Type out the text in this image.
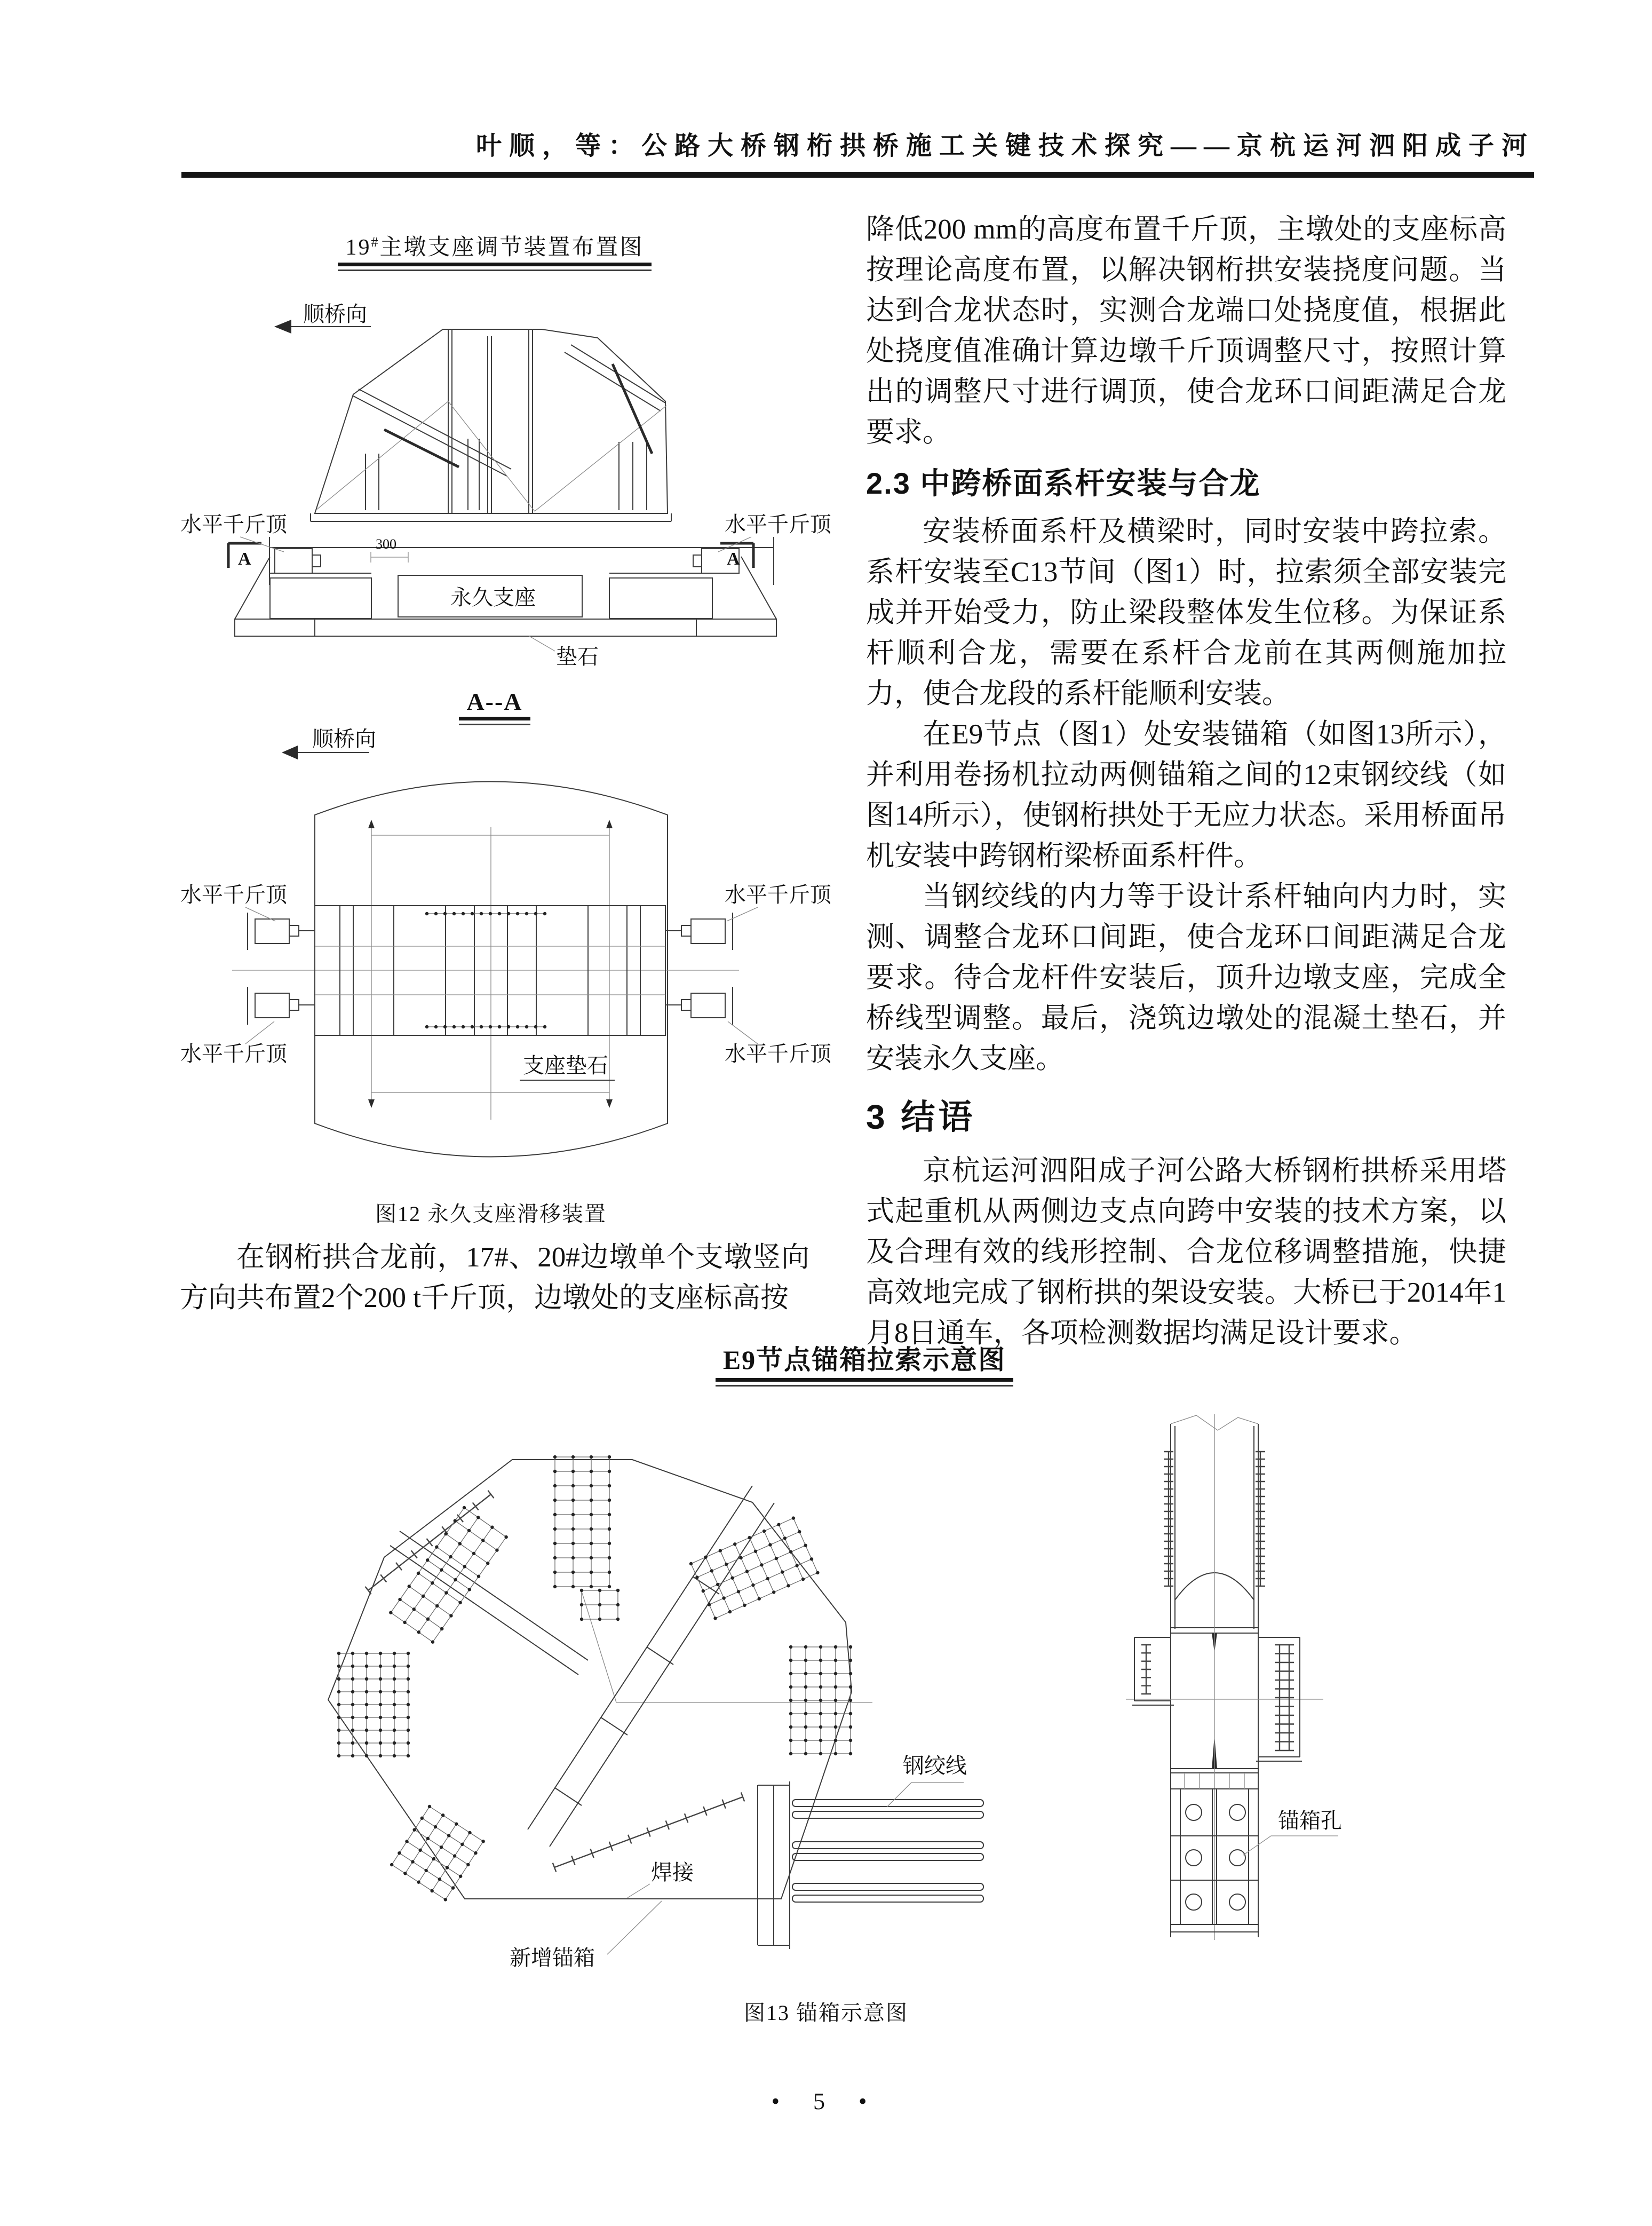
叶顺，等：公路大桥钢桁拱桥施工关键技术探究——京杭运河泗阳成子河
19#主墩支座调节装置布置图
顺桥向
A	A
300
水平千斤顶	水平千斤顶
永久支座
垫石
A--A
顺桥向
水平千斤顶	水平千斤顶
水平千斤顶	水平千斤顶
支座垫石
图12 永久支座滑移装置

在钢桁拱合龙前，17#、20#边墩单个支墩竖向方向共布置2个200 t千斤顶，边墩处的支座标高按

降低200 mm的高度布置千斤顶，主墩处的支座标高按理论高度布置，以解决钢桁拱安装挠度问题。当达到合龙状态时，实测合龙端口处挠度值，根据此处挠度值准确计算边墩千斤顶调整尺寸，按照计算出的调整尺寸进行调顶，使合龙环口间距满足合龙要求。

2.3 中跨桥面系杆安装与合龙

安装桥面系杆及横梁时，同时安装中跨拉索。系杆安装至C13节间（图1）时，拉索须全部安装完成并开始受力，防止梁段整体发生位移。为保证系杆顺利合龙，需要在系杆合龙前在其两侧施加拉力，使合龙段的系杆能顺利安装。

在E9节点（图1）处安装锚箱（如图13所示），并利用卷扬机拉动两侧锚箱之间的12束钢绞线（如图14所示），使钢桁拱处于无应力状态。采用桥面吊机安装中跨钢桁梁桥面系杆件。

当钢绞线的内力等于设计系杆轴向内力时，实测、调整合龙环口间距，使合龙环口间距满足合龙要求。待合龙杆件安装后，顶升边墩支座，完成全桥线型调整。最后，浇筑边墩处的混凝土垫石，并安装永久支座。

3 结语

京杭运河泗阳成子河公路大桥钢桁拱桥采用塔式起重机从两侧边支点向跨中安装的技术方案，以及合理有效的线形控制、合龙位移调整措施，快捷高效地完成了钢桁拱的架设安装。大桥已于2014年1月8日通车，各项检测数据均满足设计要求。

E9节点锚箱拉索示意图
钢绞线
焊接
新增锚箱
锚箱孔
图13 锚箱示意图
• 5 •
